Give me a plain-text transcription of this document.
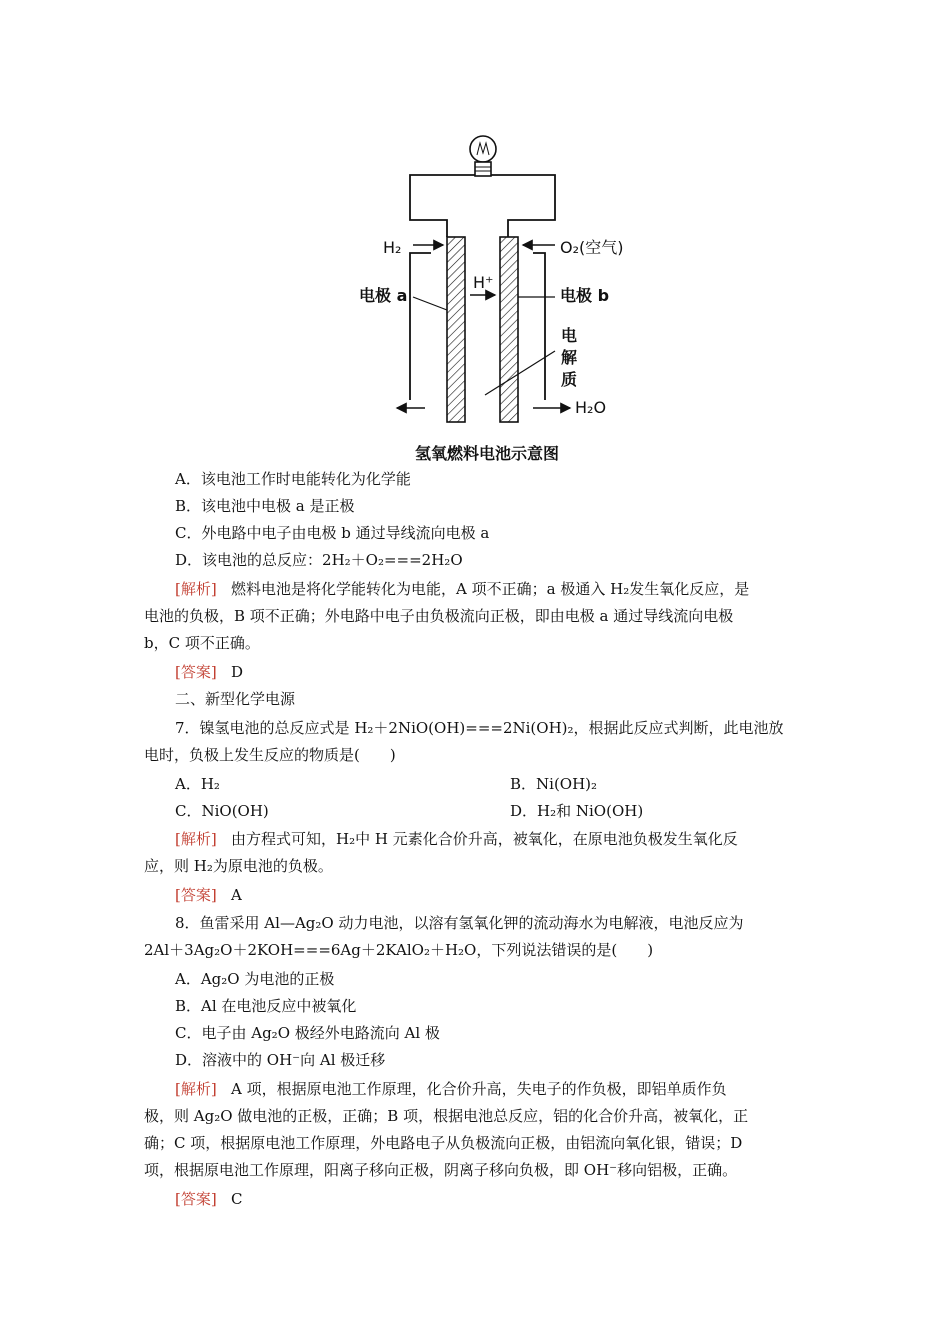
H₂	O₂(空气)
H⁺
电极 a	电极 b
电
解
质
H₂O
氢氧燃料电池示意图
A．该电池工作时电能转化为化学能
B．该电池中电极 a 是正极
C．外电路中电子由电极 b 通过导线流向电极 a
D．该电池的总反应：2H₂＋O₂===2H₂O
[解析] 燃料电池是将化学能转化为电能，A 项不正确；a 极通入 H₂发生氧化反应，是
电池的负极，B 项不正确；外电路中电子由负极流向正极，即由电极 a 通过导线流向电极
b，C 项不正确。
[答案] D
二、新型化学电源
7．镍氢电池的总反应式是 H₂＋2NiO(OH)===2Ni(OH)₂，根据此反应式判断，此电池放
电时，负极上发生反应的物质是(　　)
A．H₂	B．Ni(OH)₂
C．NiO(OH)	D．H₂和 NiO(OH)
[解析] 由方程式可知，H₂中 H 元素化合价升高，被氧化，在原电池负极发生氧化反
应，则 H₂为原电池的负极。
[答案] A
8．鱼雷采用 Al—Ag₂O 动力电池，以溶有氢氧化钾的流动海水为电解液，电池反应为
2Al＋3Ag₂O＋2KOH===6Ag＋2KAlO₂＋H₂O，下列说法错误的是(　　)
A．Ag₂O 为电池的正极
B．Al 在电池反应中被氧化
C．电子由 Ag₂O 极经外电路流向 Al 极
D．溶液中的 OH⁻向 Al 极迁移
[解析] A 项，根据原电池工作原理，化合价升高，失电子的作负极，即铝单质作负
极，则 Ag₂O 做电池的正极，正确；B 项，根据电池总反应，铝的化合价升高，被氧化，正
确；C 项，根据原电池工作原理，外电路电子从负极流向正极，由铝流向氧化银，错误；D
项，根据原电池工作原理，阳离子移向正极，阴离子移向负极，即 OH⁻移向铝极，正确。
[答案] C
